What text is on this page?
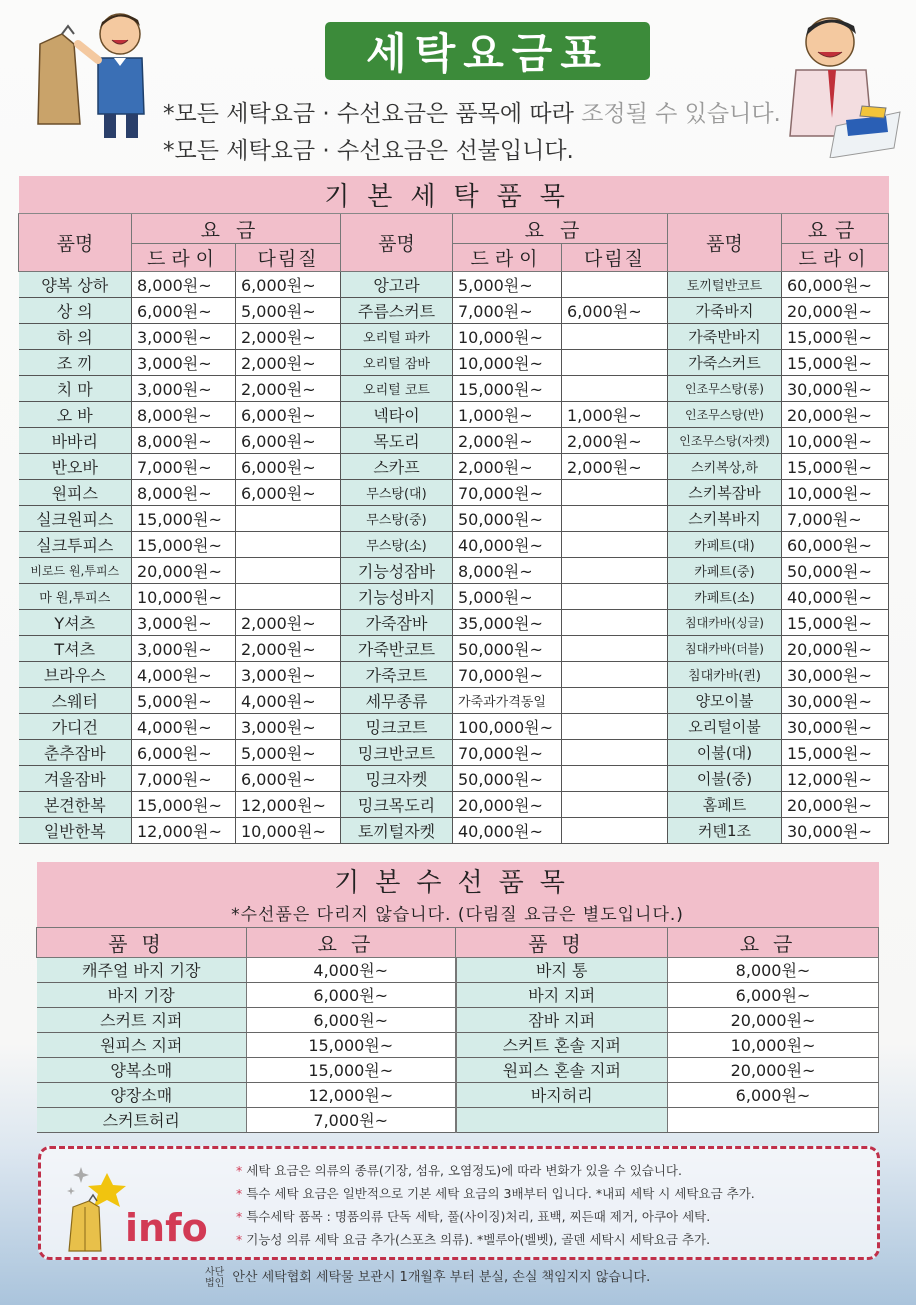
세탁요금표
*모든 세탁요금 · 수선요금은 품목에 따라 조정될 수 있습니다.
*모든 세탁요금 · 수선요금은 선불입니다.
기본세탁품목							
품명	요금		품명	요금		품명	요금
	드라이	다림질		드라이	다림질		드라이
양복 상하	8,000원~	6,000원~	앙고라	5,000원~		토끼털반코트	60,000원~
상 의	6,000원~	5,000원~	주름스커트	7,000원~	6,000원~	가죽바지	20,000원~
하 의	3,000원~	2,000원~	오리털 파카	10,000원~		가죽반바지	15,000원~
조 끼	3,000원~	2,000원~	오리털 잠바	10,000원~		가죽스커트	15,000원~
치 마	3,000원~	2,000원~	오리털 코트	15,000원~		인조무스탕(롱)	30,000원~
오 바	8,000원~	6,000원~	넥타이	1,000원~	1,000원~	인조무스탕(반)	20,000원~
바바리	8,000원~	6,000원~	목도리	2,000원~	2,000원~	인조무스탕(자켓)	10,000원~
반오바	7,000원~	6,000원~	스카프	2,000원~	2,000원~	스키복상,하	15,000원~
원피스	8,000원~	6,000원~	무스탕(대)	70,000원~		스키복잠바	10,000원~
실크원피스	15,000원~		무스탕(중)	50,000원~		스키복바지	7,000원~
실크투피스	15,000원~		무스탕(소)	40,000원~		카페트(대)	60,000원~
비로드 원,투피스	20,000원~		기능성잠바	8,000원~		카페트(중)	50,000원~
마 원,투피스	10,000원~		기능성바지	5,000원~		카페트(소)	40,000원~
Y셔츠	3,000원~	2,000원~	가죽잠바	35,000원~		침대카바(싱글)	15,000원~
T셔츠	3,000원~	2,000원~	가죽반코트	50,000원~		침대카바(더블)	20,000원~
브라우스	4,000원~	3,000원~	가죽코트	70,000원~		침대카바(퀸)	30,000원~
스웨터	5,000원~	4,000원~	세무종류	가죽과가격동일		양모이불	30,000원~
가디건	4,000원~	3,000원~	밍크코트	100,000원~		오리털이불	30,000원~
춘추잠바	6,000원~	5,000원~	밍크반코트	70,000원~		이불(대)	15,000원~
겨울잠바	7,000원~	6,000원~	밍크자켓	50,000원~		이불(중)	12,000원~
본견한복	15,000원~	12,000원~	밍크목도리	20,000원~		홈페트	20,000원~
일반한복	12,000원~	10,000원~	토끼털자켓	40,000원~		커텐1조	30,000원~
기본수선품목			
*수선품은 다리지 않습니다. (다림질 요금은 별도입니다.)			
품명	요금	품명	요금
캐주얼 바지 기장	4,000원~	바지 통	8,000원~
바지 기장	6,000원~	바지 지퍼	6,000원~
스커트 지퍼	6,000원~	잠바 지퍼	20,000원~
원피스 지퍼	15,000원~	스커트 혼솔 지퍼	10,000원~
양복소매	15,000원~	원피스 혼솔 지퍼	20,000원~
양장소매	12,000원~	바지허리	6,000원~
스커트허리	7,000원~		
info
* 세탁 요금은 의류의 종류(기장, 섬유, 오염정도)에 따라 변화가 있을 수 있습니다.
* 특수 세탁 요금은 일반적으로 기본 세탁 요금의 3배부터 입니다. *내피 세탁 시 세탁요금 추가.
* 특수세탁 품목 : 명품의류 단독 세탁, 풀(사이징)처리, 표백, 찌든때 제거, 아쿠아 세탁.
* 기능성 의류 세탁 요금 추가(스포츠 의류). *벨루아(벨벳), 골덴 세탁시 세탁요금 추가.
사단
법인 안산 세탁협회 세탁물 보관시 1개월후 부터 분실, 손실 책임지지 않습니다.
